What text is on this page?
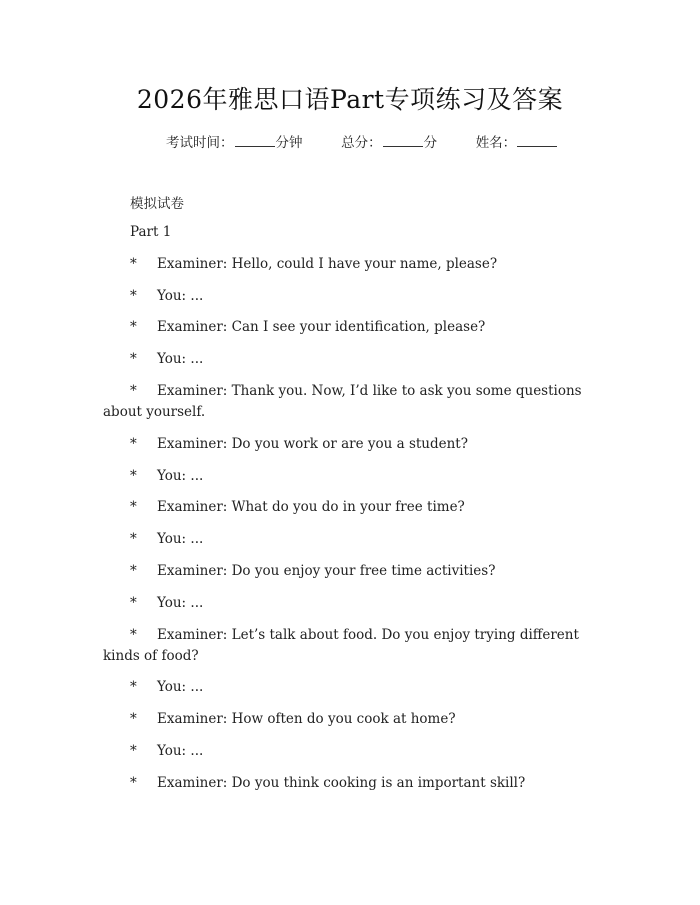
2026年雅思口语Part专项练习及答案
考试时间：	分钟	总分：	分	姓名：
模拟试卷
Part 1
* Examiner: Hello, could I have your name, please?
* You: ...
* Examiner: Can I see your identification, please?
* You: ...
* Examiner: Thank you. Now, I’d like to ask you some questions
about yourself.
* Examiner: Do you work or are you a student?
* You: ...
* Examiner: What do you do in your free time?
* You: ...
* Examiner: Do you enjoy your free time activities?
* You: ...
* Examiner: Let’s talk about food. Do you enjoy trying different
kinds of food?
* You: ...
* Examiner: How often do you cook at home?
* You: ...
* Examiner: Do you think cooking is an important skill?
